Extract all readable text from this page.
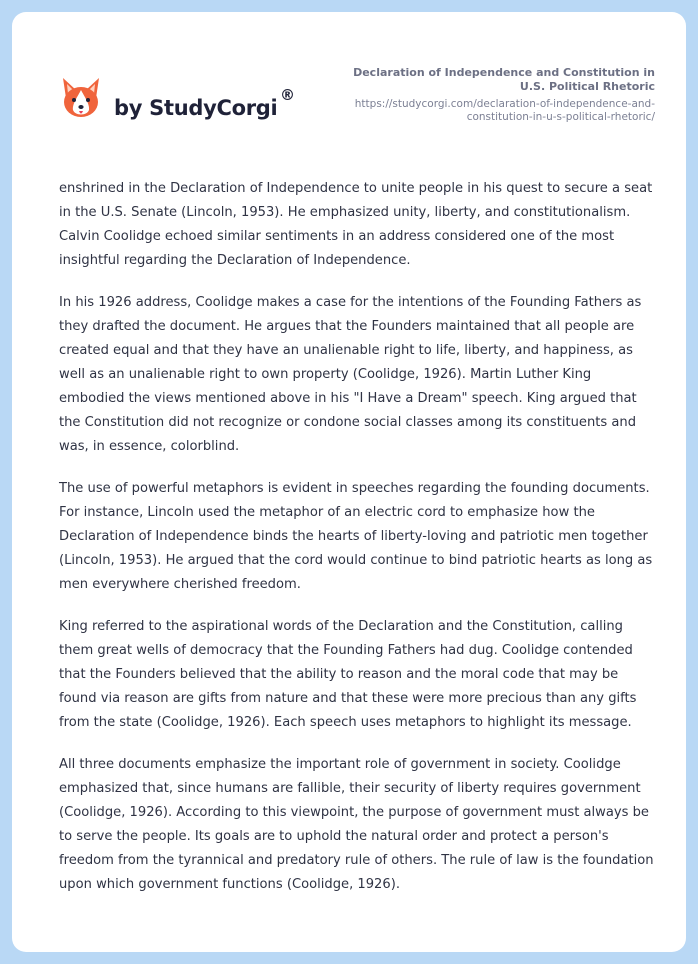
by StudyCorgi
®
Declaration of Independence and Constitution in U.S. Political Rhetoric
https://studycorgi.com/declaration-of-independence-and-constitution-in-u-s-political-rhetoric/

enshrined in the Declaration of Independence to unite people in his quest to secure a seat in the U.S. Senate (Lincoln, 1953). He emphasized unity, liberty, and constitutionalism. Calvin Coolidge echoed similar sentiments in an address considered one of the most insightful regarding the Declaration of Independence.

In his 1926 address, Coolidge makes a case for the intentions of the Founding Fathers as they drafted the document. He argues that the Founders maintained that all people are created equal and that they have an unalienable right to life, liberty, and happiness, as well as an unalienable right to own property (Coolidge, 1926). Martin Luther King embodied the views mentioned above in his "I Have a Dream" speech. King argued that the Constitution did not recognize or condone social classes among its constituents and was, in essence, colorblind.

The use of powerful metaphors is evident in speeches regarding the founding documents. For instance, Lincoln used the metaphor of an electric cord to emphasize how the Declaration of Independence binds the hearts of liberty-loving and patriotic men together (Lincoln, 1953). He argued that the cord would continue to bind patriotic hearts as long as men everywhere cherished freedom.

King referred to the aspirational words of the Declaration and the Constitution, calling them great wells of democracy that the Founding Fathers had dug. Coolidge contended that the Founders believed that the ability to reason and the moral code that may be found via reason are gifts from nature and that these were more precious than any gifts from the state (Coolidge, 1926). Each speech uses metaphors to highlight its message.

All three documents emphasize the important role of government in society. Coolidge emphasized that, since humans are fallible, their security of liberty requires government (Coolidge, 1926). According to this viewpoint, the purpose of government must always be to serve the people. Its goals are to uphold the natural order and protect a person's freedom from the tyrannical and predatory rule of others. The rule of law is the foundation upon which government functions (Coolidge, 1926).
